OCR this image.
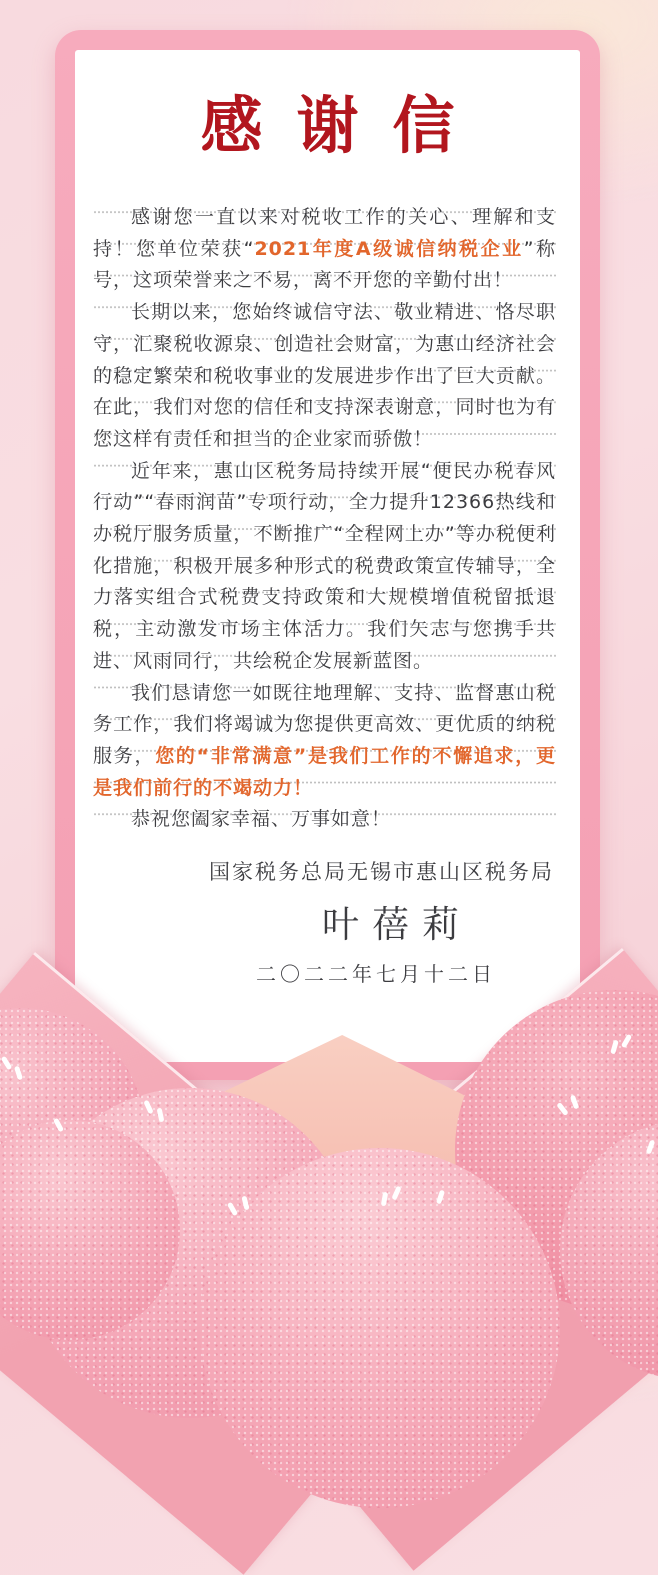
感谢信

感谢您一直以来对税收工作的关心、理解和支持！您单位荣获“2021年度A级诚信纳税企业”称号，这项荣誉来之不易，离不开您的辛勤付出！

长期以来，您始终诚信守法、敬业精进、恪尽职守，汇聚税收源泉、创造社会财富，为惠山经济社会的稳定繁荣和税收事业的发展进步作出了巨大贡献。在此，我们对您的信任和支持深表谢意，同时也为有您这样有责任和担当的企业家而骄傲！

近年来，惠山区税务局持续开展“便民办税春风行动”“春雨润苗”专项行动，全力提升12366热线和办税厅服务质量，不断推广“全程网上办”等办税便利化措施，积极开展多种形式的税费政策宣传辅导，全力落实组合式税费支持政策和大规模增值税留抵退税，主动激发市场主体活力。我们矢志与您携手共进、风雨同行，共绘税企发展新蓝图。

我们恳请您一如既往地理解、支持、监督惠山税务工作，我们将竭诚为您提供更高效、更优质的纳税服务，您的“非常满意”是我们工作的不懈追求，更是我们前行的不竭动力！

恭祝您阖家幸福、万事如意！

国家税务总局无锡市惠山区税务局
叶蓓莉
二〇二二年七月十二日
